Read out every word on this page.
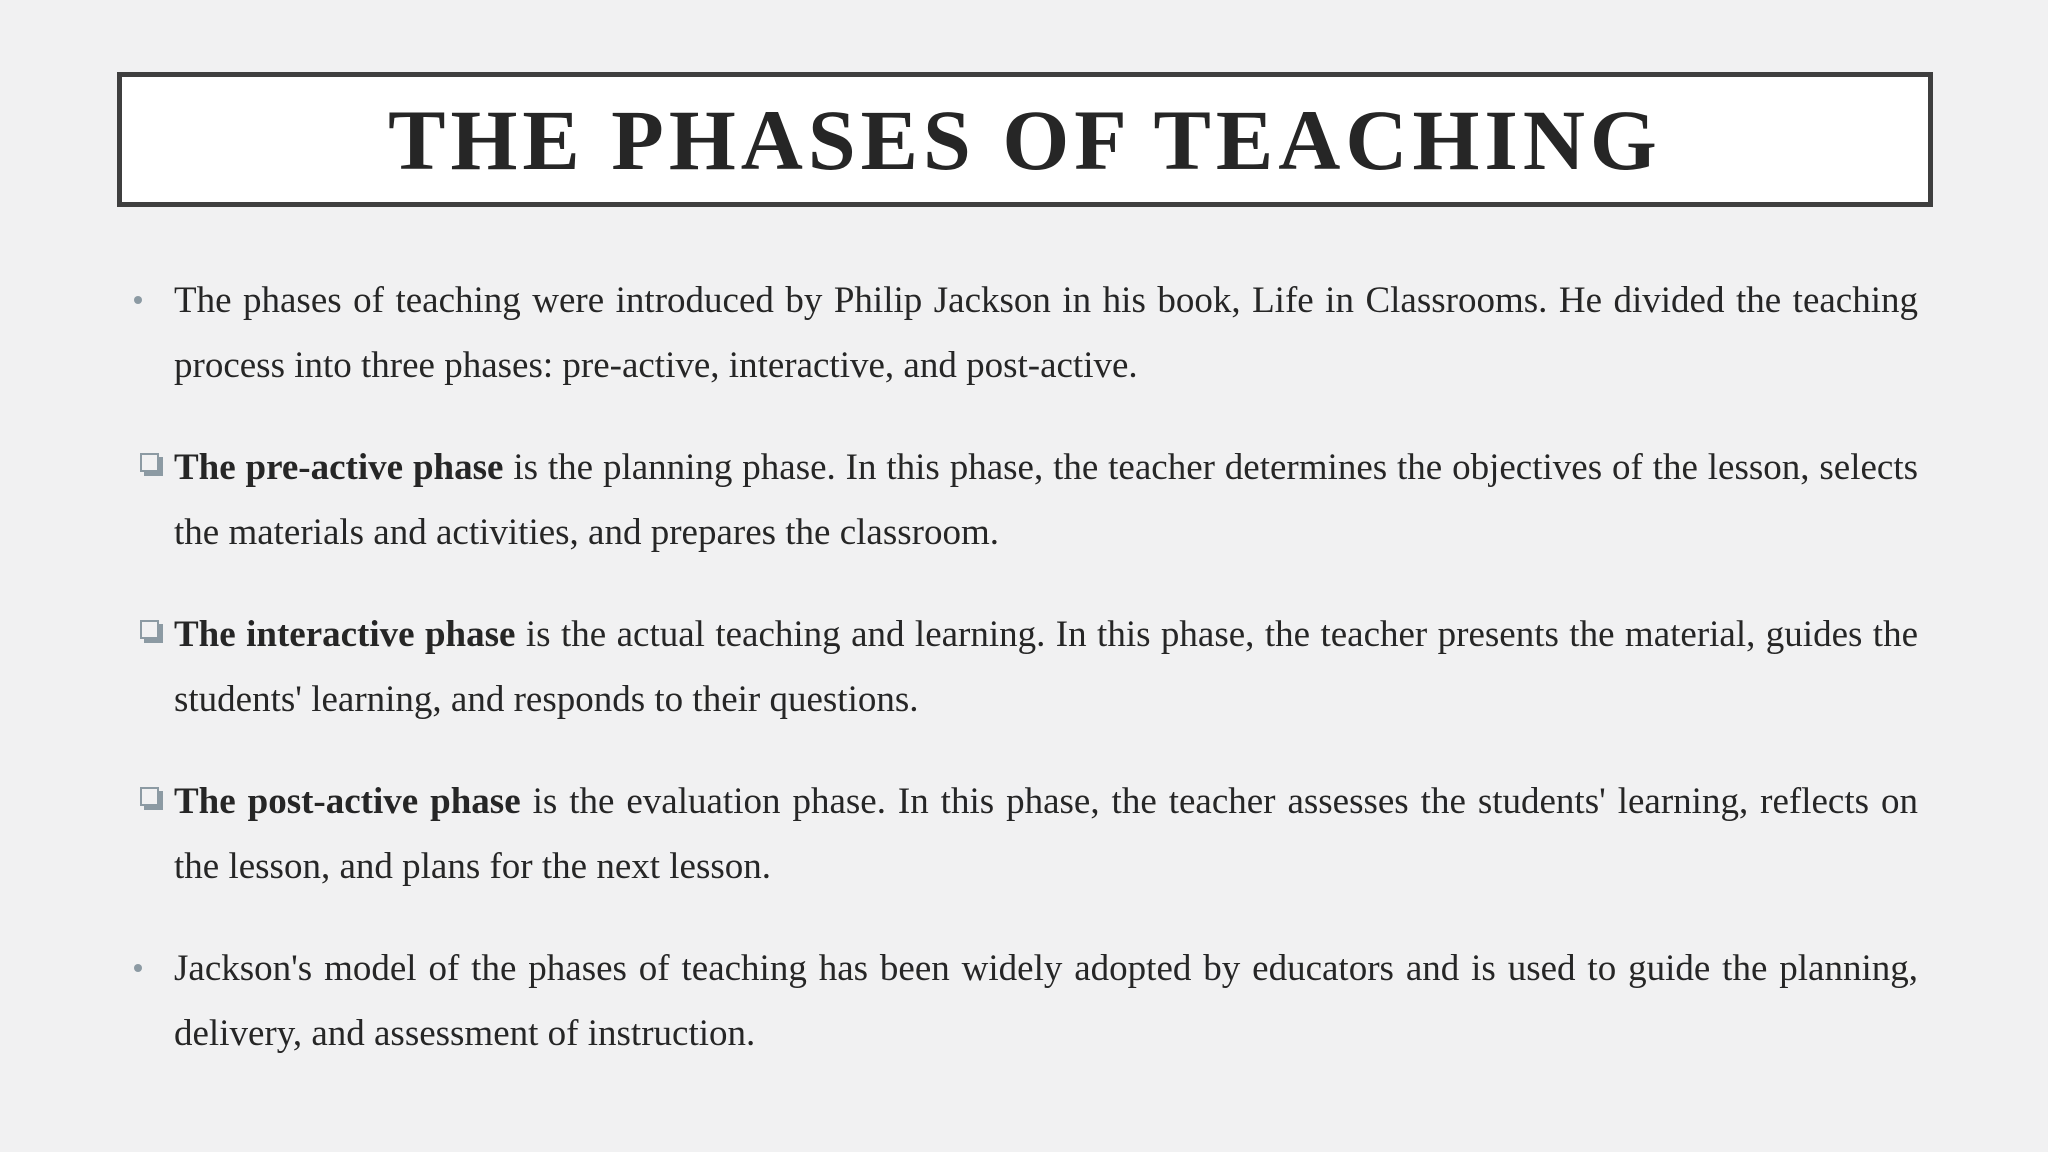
THE PHASES OF TEACHING
The phases of teaching were introduced by Philip Jackson in his book, Life in Classrooms. He divided the teaching process into three phases: pre-active, interactive, and post-active.
The pre-active phase is the planning phase. In this phase, the teacher determines the objectives of the lesson, selects the materials and activities, and prepares the classroom.
The interactive phase is the actual teaching and learning. In this phase, the teacher presents the material, guides the students' learning, and responds to their questions.
The post-active phase is the evaluation phase. In this phase, the teacher assesses the students' learning, reflects on the lesson, and plans for the next lesson.
Jackson's model of the phases of teaching has been widely adopted by educators and is used to guide the planning, delivery, and assessment of instruction.
